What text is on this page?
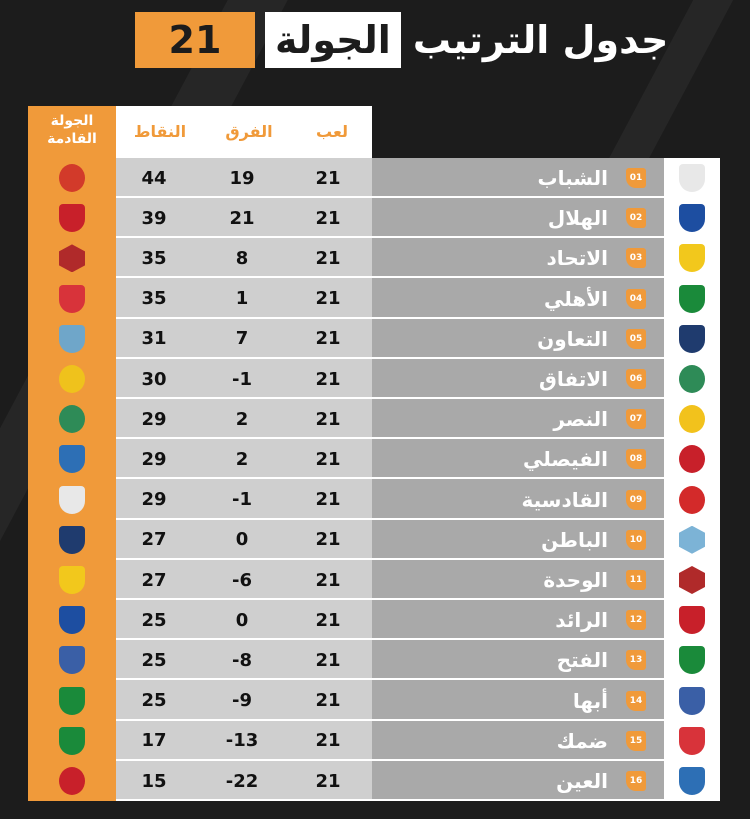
21	الجولة جدول الترتيب
الجولة القادمة	النقاط	الفرق	لعب
44	19	21	الشباب	01
39	21	21	الهلال	02
35	8	21	الاتحاد	03
35	1	21	الأهلي	04
31	7	21	التعاون	05
30	-1	21	الاتفاق	06
29	2	21	النصر	07
29	2	21	الفيصلي	08
29	-1	21	القادسية	09
27	0	21	الباطن	10
27	-6	21	الوحدة	11
25	0	21	الرائد	12
25	-8	21	الفتح	13
25	-9	21	أبها	14
17	-13	21	ضمك	15
15	-22	21	العين	16
